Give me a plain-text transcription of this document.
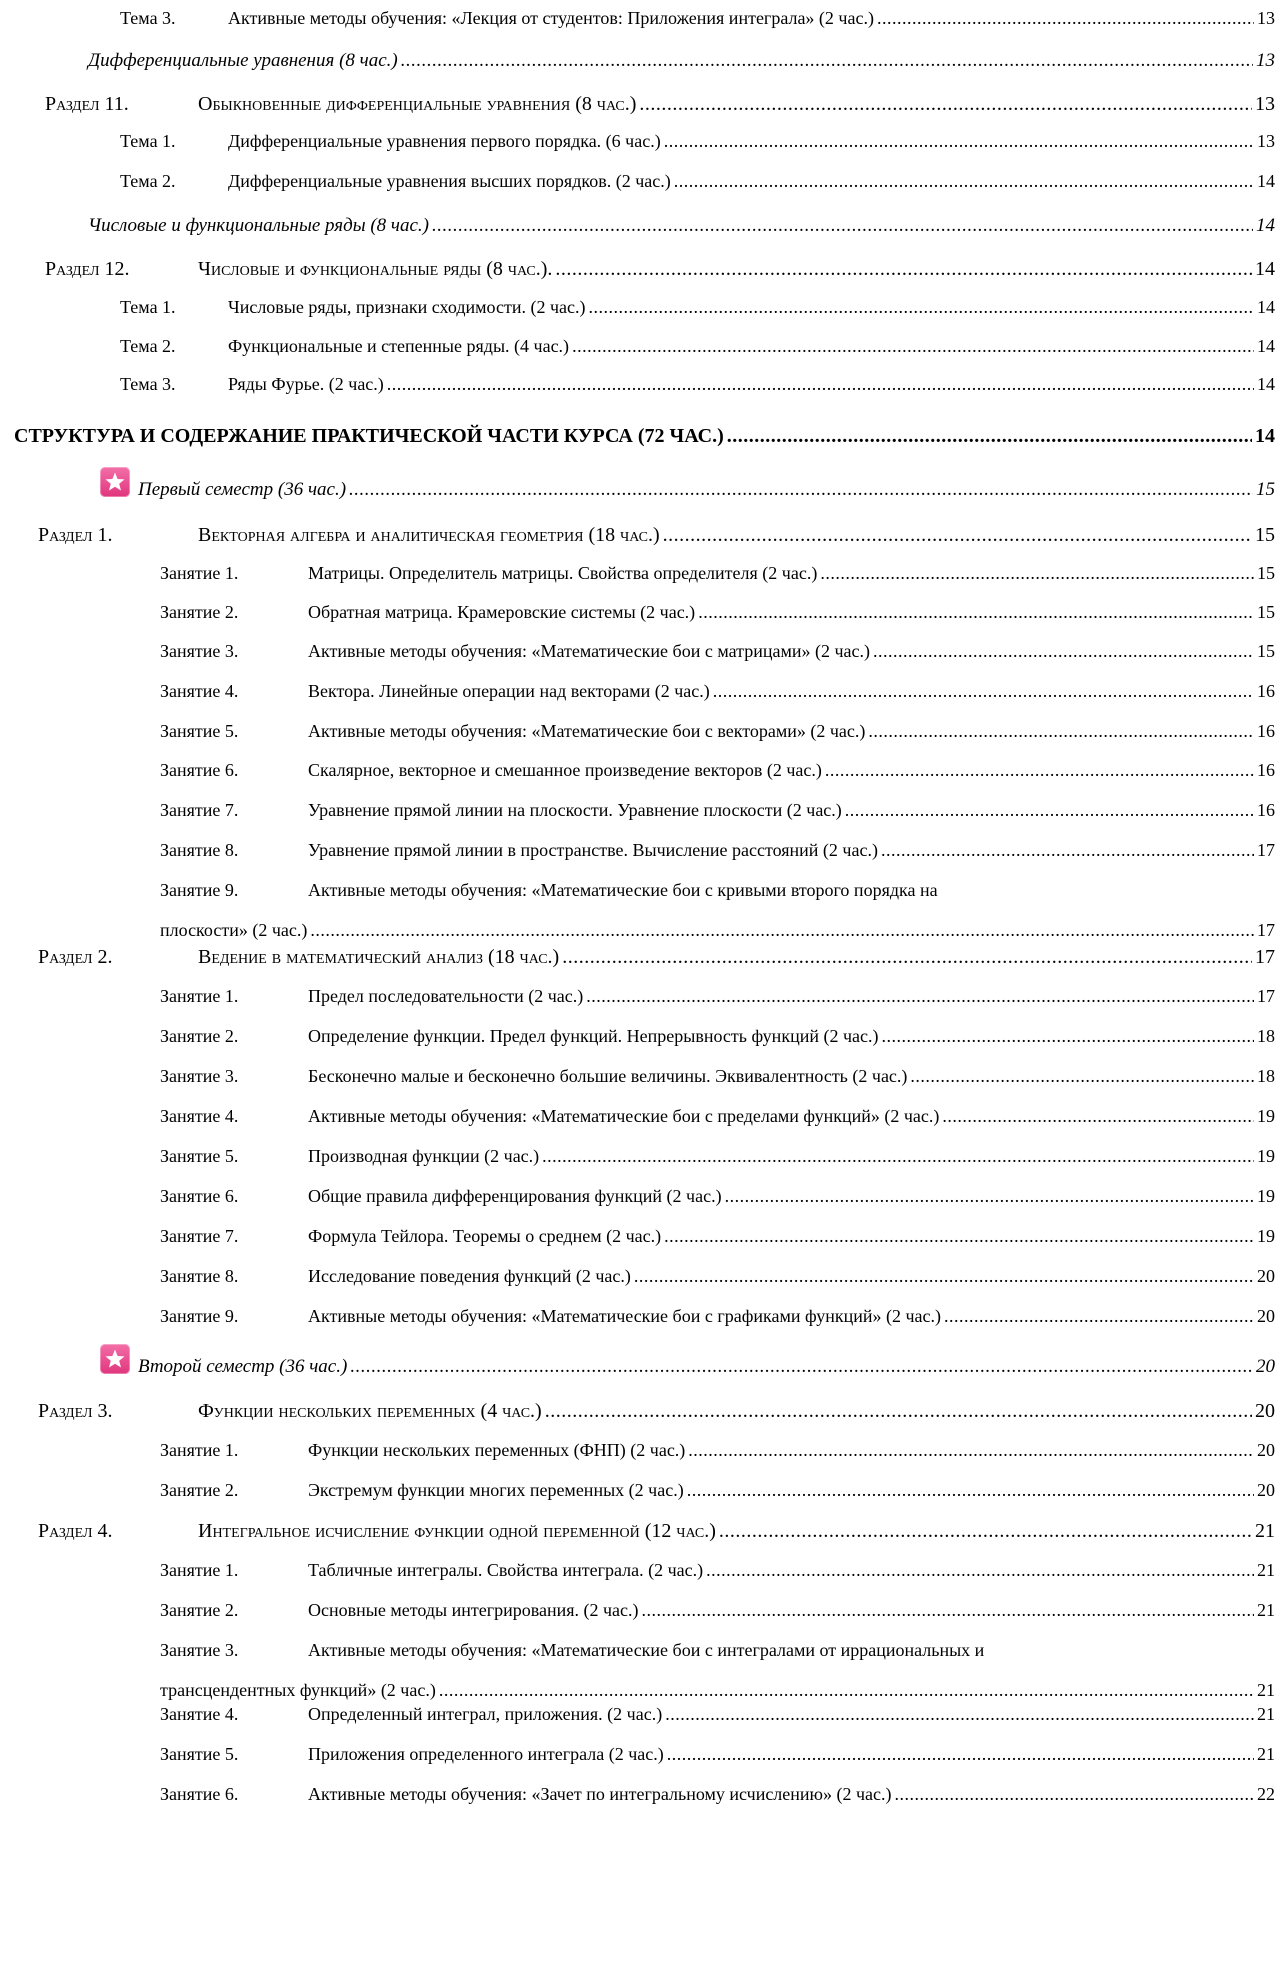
Тема 3.	Активные методы обучения: «Лекция от студентов: Приложения интеграла» (2 час.) .....	13
Дифференциальные уравнения (8 час.) .....	13
Раздел 11.	Обыкновенные дифференциальные уравнения (8 час.) .....	13
Тема 1.	Дифференциальные уравнения первого порядка. (6 час.) .....	13
Тема 2.	Дифференциальные уравнения высших порядков. (2 час.) .....	14
Числовые и функциональные ряды (8 час.) .....	14
Раздел 12.	Числовые и функциональные ряды (8 час.). .....	14
Тема 1.	Числовые ряды, признаки сходимости. (2 час.) .....	14
Тема 2.	Функциональные и степенные ряды. (4 час.) .....	14
Тема 3.	Ряды Фурье. (2 час.) .....	14
СТРУКТУРА И СОДЕРЖАНИЕ ПРАКТИЧЕСКОЙ ЧАСТИ КУРСА (72 ЧАС.) .....	14
Первый семестр (36 час.) .....	15
Раздел 1.	Векторная алгебра и аналитическая геометрия (18 час.) .....	15
Занятие 1.	Матрицы. Определитель матрицы. Свойства определителя (2 час.) .....	15
Занятие 2.	Обратная матрица. Крамеровские системы (2 час.) .....	15
Занятие 3.	Активные методы обучения: «Математические бои с матрицами» (2 час.) .....	15
Занятие 4.	Вектора. Линейные операции над векторами (2 час.) .....	16
Занятие 5.	Активные методы обучения: «Математические бои с векторами» (2 час.) .....	16
Занятие 6.	Скалярное, векторное и смешанное произведение векторов (2 час.) .....	16
Занятие 7.	Уравнение прямой линии на плоскости. Уравнение плоскости (2 час.) .....	16
Занятие 8.	Уравнение прямой линии в пространстве. Вычисление расстояний (2 час.) .....	17
Занятие 9.	Активные методы обучения: «Математические бои с кривыми второго порядка на
плоскости» (2 час.) .....	17
Раздел 2.	Ведение в математический анализ (18 час.) .....	17
Занятие 1.	Предел последовательности (2 час.) .....	17
Занятие 2.	Определение функции. Предел функций. Непрерывность функций (2 час.) .....	18
Занятие 3.	Бесконечно малые и бесконечно большие величины. Эквивалентность (2 час.) .....	18
Занятие 4.	Активные методы обучения: «Математические бои с пределами функций» (2 час.) .....	19
Занятие 5.	Производная функции (2 час.) .....	19
Занятие 6.	Общие правила дифференцирования функций (2 час.) .....	19
Занятие 7.	Формула Тейлора. Теоремы о среднем (2 час.) .....	19
Занятие 8.	Исследование поведения функций (2 час.) .....	20
Занятие 9.	Активные методы обучения: «Математические бои с графиками функций» (2 час.) .....	20
Второй семестр (36 час.) .....	20
Раздел 3.	Функции нескольких переменных (4 час.) .....	20
Занятие 1.	Функции нескольких переменных (ФНП) (2 час.) .....	20
Занятие 2.	Экстремум функции многих переменных (2 час.) .....	20
Раздел 4.	Интегральное исчисление функции одной переменной (12 час.) .....	21
Занятие 1.	Табличные интегралы. Свойства интеграла. (2 час.) .....	21
Занятие 2.	Основные методы интегрирования. (2 час.) .....	21
Занятие 3.	Активные методы обучения: «Математические бои с интегралами от иррациональных и
трансцендентных функций» (2 час.) .....	21
Занятие 4.	Определенный интеграл, приложения. (2 час.) .....	21
Занятие 5.	Приложения определенного интеграла (2 час.) .....	21
Занятие 6.	Активные методы обучения: «Зачет по интегральному исчислению» (2 час.) .....	22
